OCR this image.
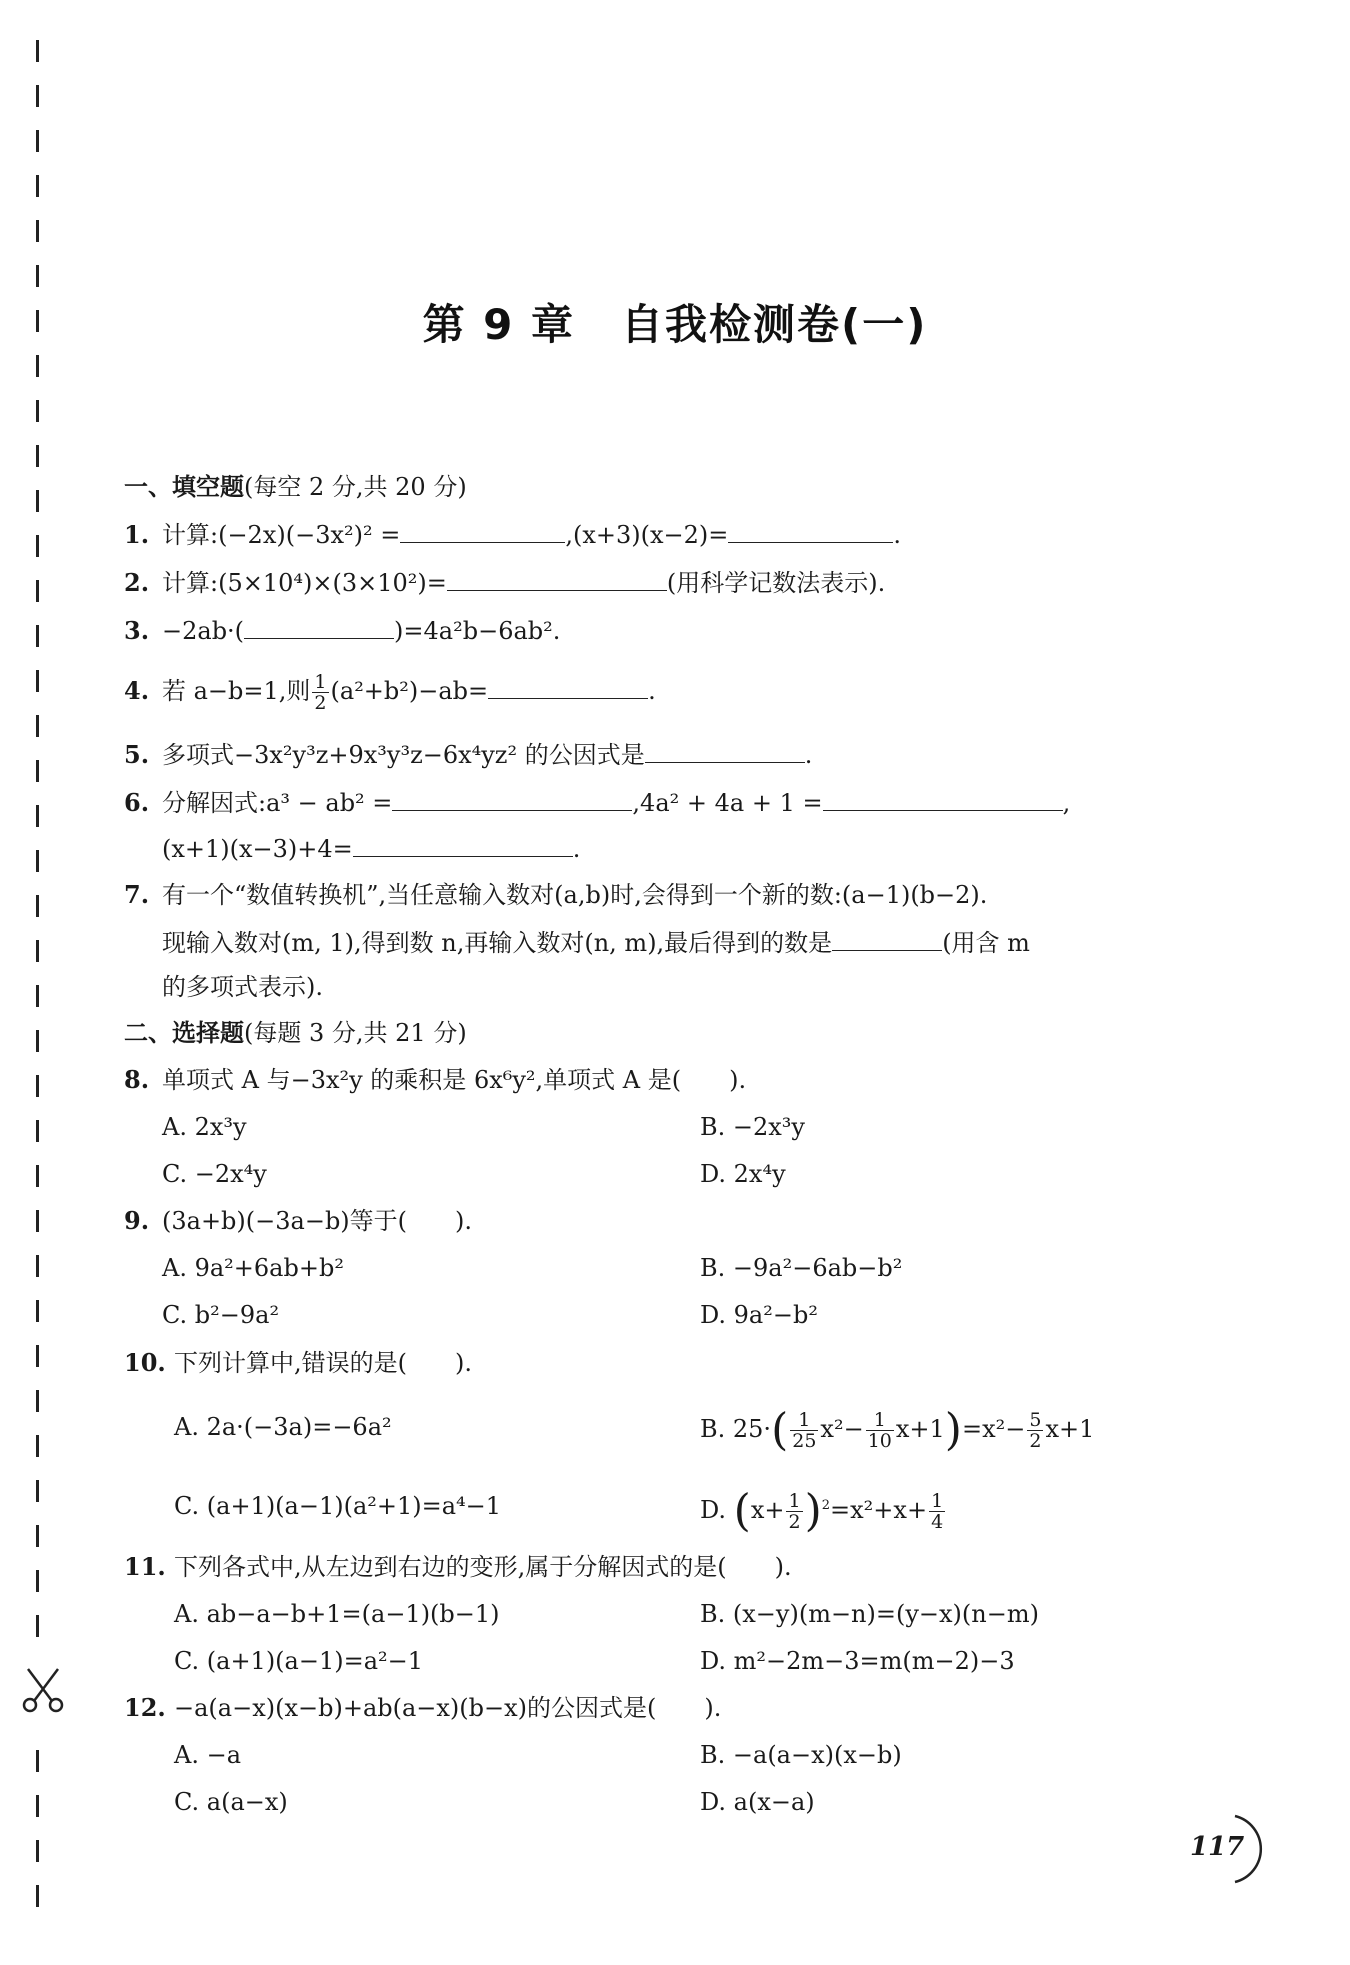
第 9 章 自我检测卷(一)
一、填空题(每空 2 分,共 20 分)
1. 计算:(−2x)(−3x²)² =	,(x+3)(x−2)=	.
2. 计算:(5×10⁴)×(3×10²)=	(用科学记数法表示).
3. −2ab·(	)=4a²b−6ab².
4. 若 a−b=1,则 $\frac{1}{2} (a^2+b^2)-ab=$	.
5. 多项式−3x²y³z+9x³y³z−6x⁴yz² 的公因式是	.
6. 分解因式:a³ − ab² =	,4a² + 4a + 1 =	,
(x+1)(x−3)+4=	.
7. 有一个“数值转换机”,当任意输入数对(a,b)时,会得到一个新的数:(a−1)(b−2).
现输入数对(m, 1),得到数 n,再输入数对(n, m),最后得到的数是	(用含 m
的多项式表示).
二、选择题(每题 3 分,共 21 分)
8. 单项式 A 与−3x²y 的乘积是 6x⁶y²,单项式 A 是(　　).
A. 2x³y	B. −2x³y
C. −2x⁴y	D. 2x⁴y
9. (3a+b)(−3a−b)等于(　　).
A. 9a²+6ab+b²	B. −9a²−6ab−b²
C. b²−9a²	D. 9a²−b²
10. 下列计算中,错误的是(　　).
A. 2a·(−3a)=−6a²	B. $25\cdot( \frac{1}{25} x^2- \frac{1}{10} x+1)=x^2- \frac{5}{2} x+1$
C. (a+1)(a−1)(a²+1)=a⁴−1	D. $(x+ \frac{1}{2} )^2=x^2+x+ \frac{1}{4}$
11. 下列各式中,从左边到右边的变形,属于分解因式的是(　　).
A. ab−a−b+1=(a−1)(b−1)	B. (x−y)(m−n)=(y−x)(n−m)
C. (a+1)(a−1)=a²−1	D. m²−2m−3=m(m−2)−3
12. −a(a−x)(x−b)+ab(a−x)(b−x)的公因式是(　　).
A. −a	B. −a(a−x)(x−b)
C. a(a−x)	D. a(x−a)
117
